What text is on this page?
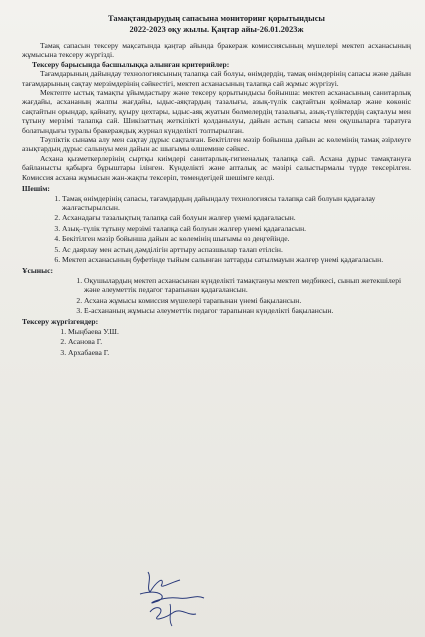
Тамақтандырудың сапасына мониторинг қорытындысы
2022-2023 оқу жылы. Қаңтар айы-26.01.2023ж

Тамақ сапасын тексеру мақсатында қаңтар айында бракераж комиссиясының мүшелері мектеп асханасының жұмысына тексеру жүргізді.

Тексеру барысында басшылыққа алынған критерийлер:

Тағамдарының дайындау технологиясының талапқа сай болуы, өнімдердің, тамақ өнімдерінің сапасы және дайын тағамдарының сақтау мерзімдерінің сәйкестігі, мектеп асханасының талапқа сай жұмыс жүргізуі.

Мектепте ыстық тамақты ұйымдастыру және тексеру қорытындысы бойынша: мектеп асханасының санитарлық жағдайы, асхананың жалпы жағдайы, ыдыс-аяқтардың тазалығы, азық-түлік сақтайтын қоймалар және көкөніс сақтайтын орындар, қайнату, қуыру цехтары, ыдыс-аяқ жуатын бөлмелердің тазалығы, азық-түліктердің сақталуы мен тұтыну мерзімі талапқа сай. Шикізаттың жеткілікті қолданылуы, дайын астың сапасы мен оқушыларға таратуға болатындығы туралы бракераждық журнал күнделікті толтырылған.

Тәуліктік сынама алу мен сақтау дұрыс сақталған. Бекітілген мәзір бойынша дайын ас көлемінің тамақ әзірлеуге азықтардың дұрыс салынуы мен дайын ас шығымы өлшемине сәйкес.

Асхана қызметкерлерінің сыртқы киімдері санитарлық-гигиеналық талапқа сай. Асхана дұрыс тамақтануға байланысты қабырға бұрыштары ілінген. Күнделікті және апталық ас мәзірі салыстырмалы түрде тексерілген. Комиссия асхана жұмысын жан-жақты тексеріп, төмендегідей шешімге келді.

Шешім:

1. Тамақ өнімдерінің сапасы, тағамдардың дайындалу технологиясы талапқа сай болуын қадағалау жалғастырылсын.
2. Асханадағы тазалықтың талапқа сай болуын жалғер үнемі қадағаласын.
3. Азық–түлік тұтыну мерзімі талапқа сай болуын жалғер үнемі қадағаласын.
4. Бекітілген мәзір бойынша дайын ас көлемінің шығымы өз деңгейінде.
5. Ас даярлау мен астың дәмділігін арттыру аспазшылар талап етілсін.
6. Мектеп асханасының буфетінде тыйым салынған заттарды сатылмауын жалғер үнемі қадағаласын.

Ұсыныс:

1. Оқушылардың мектеп асханасынан күнделікті тамақтануы мектеп медбикесі, сынып жетекшілері және әлеуметтік педагог тарапынан қадағалансын.
2. Асхана жұмысы комиссия мүшелері тарапынан үнемі бақылансын.
3. Е-асхананың жұмысы әлеуметтік педагог тарапынан күнделікті бақылансын.

Тексеру жүргізгендер:

1. Мыңбаева У.Ш.
2. Асанова Г.
3. Архабаева Г.
